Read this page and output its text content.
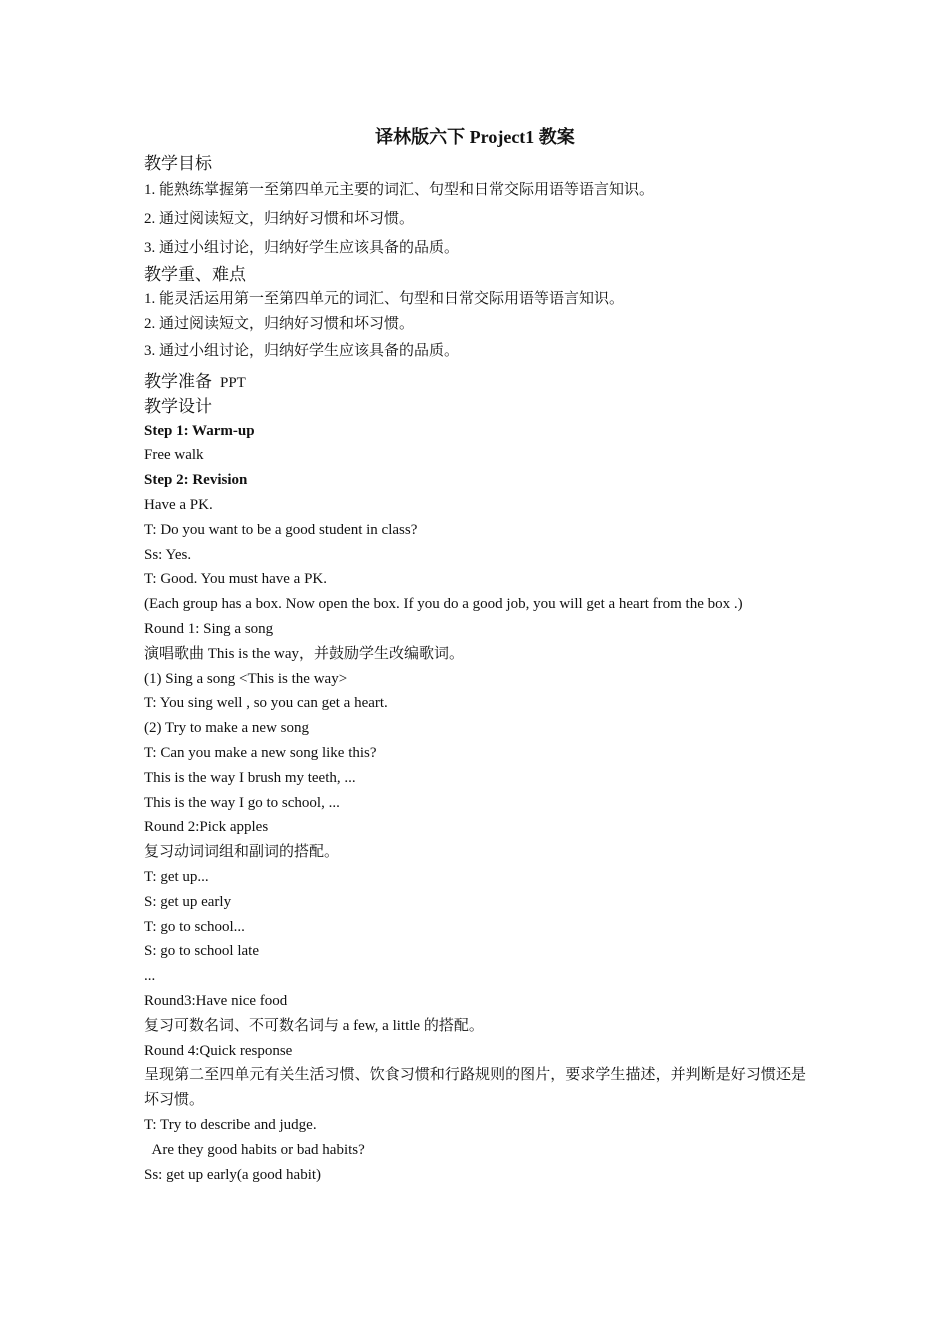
译林版六下 Project1 教案

教学目标

1. 能熟练掌握第一至第四单元主要的词汇、句型和日常交际用语等语言知识。

2. 通过阅读短文，归纳好习惯和坏习惯。

3. 通过小组讨论，归纳好学生应该具备的品质。

教学重、难点

1. 能灵活运用第一至第四单元的词汇、句型和日常交际用语等语言知识。

2. 通过阅读短文，归纳好习惯和坏习惯。

3. 通过小组讨论，归纳好学生应该具备的品质。

教学准备 PPT

教学设计

Step 1: Warm-up

Free walk

Step 2: Revision

Have a PK.

T: Do you want to be a good student in class?

Ss: Yes.

T: Good. You must have a PK.

(Each group has a box. Now open the box. If you do a good job, you will get a heart from the box .)

Round 1: Sing a song

演唱歌曲 This is the way，并鼓励学生改编歌词。

(1) Sing a song <This is the way>

T: You sing well , so you can get a heart.

(2) Try to make a new song

T: Can you make a new song like this?

This is the way I brush my teeth, ...

This is the way I go to school, ...

Round 2:Pick apples

复习动词词组和副词的搭配。

T: get up...

S: get up early

T: go to school...

S: go to school late

...

Round3:Have nice food

复习可数名词、不可数名词与 a few, a little 的搭配。

Round 4:Quick response

呈现第二至四单元有关生活习惯、饮食习惯和行路规则的图片，要求学生描述，并判断是好习惯还是坏习惯。

T: Try to describe and judge.

Are they good habits or bad habits?

Ss: get up early(a good habit)
